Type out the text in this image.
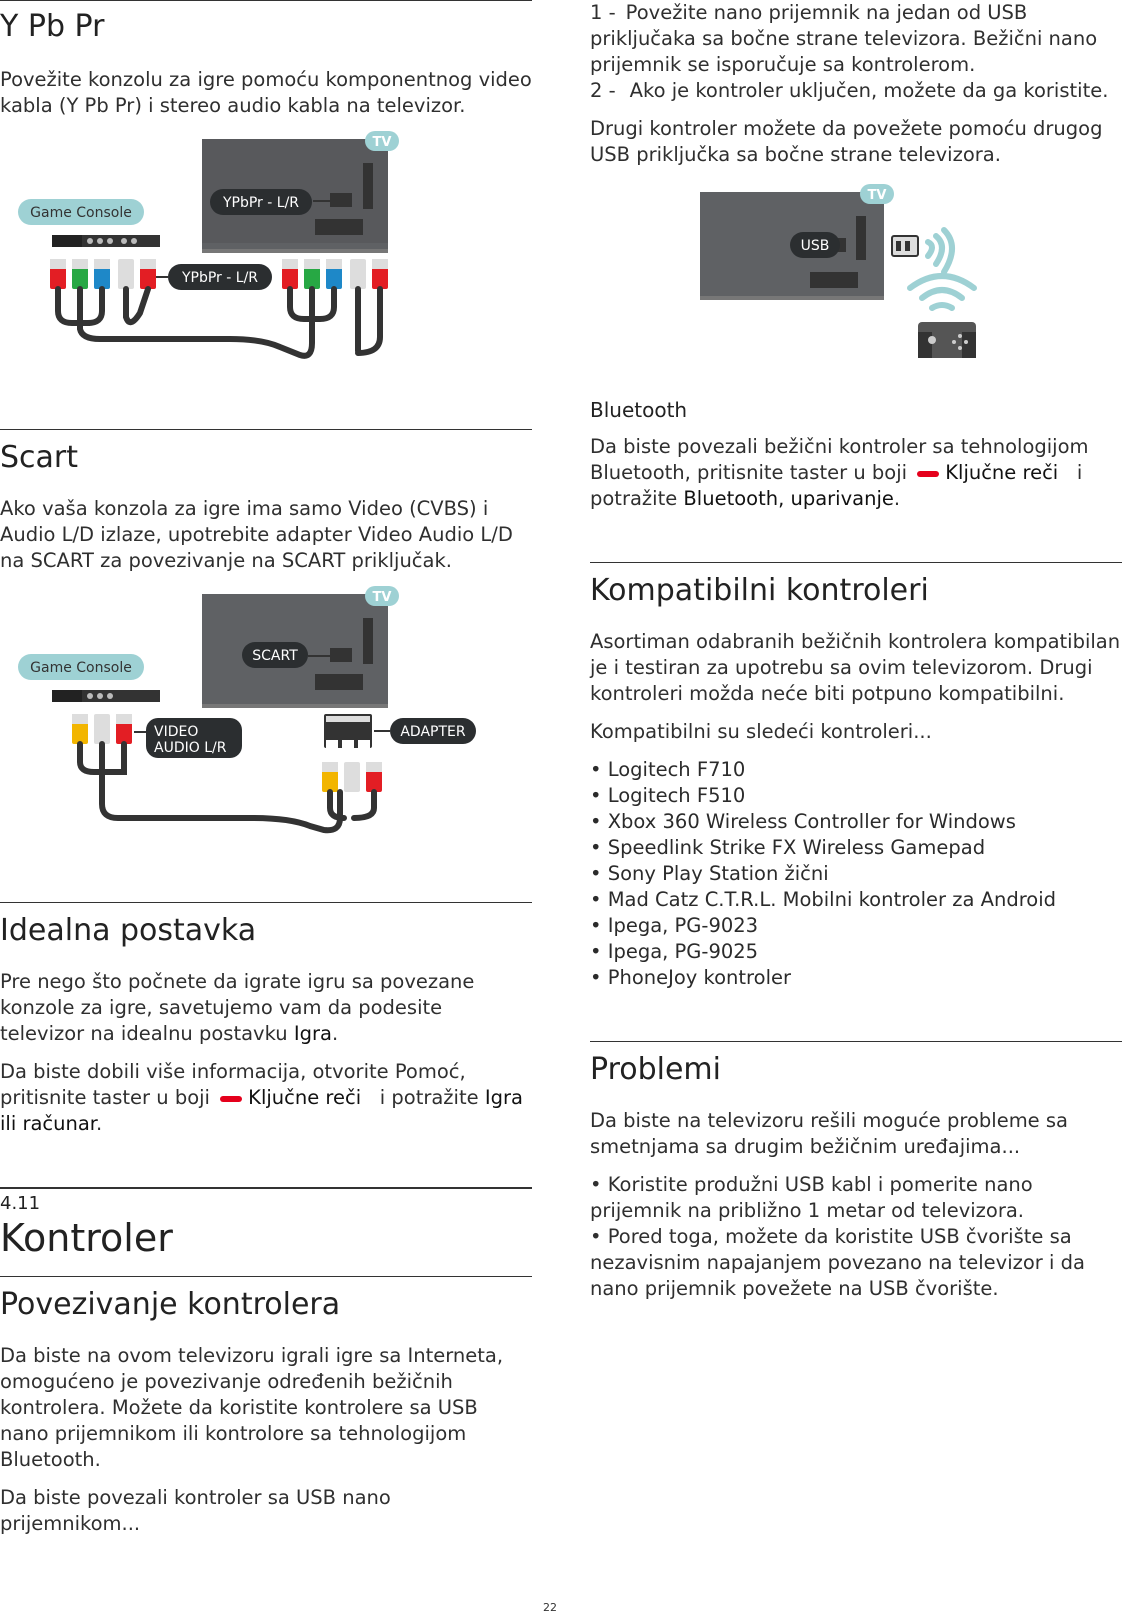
Y Pb Pr

Povežite konzolu za igre pomoću komponentnog video kabla (Y Pb Pr) i stereo audio kabla na televizor.

TV
YPbPr - L/R
Game Console
YPbPr - L/R
Scart

Ako vaša konzola za igre ima samo Video (CVBS) i Audio L/D izlaze, upotrebite adapter Video Audio L/D na SCART za povezivanje na SCART priključak.

TV
SCART
Game Console
VIDEO
AUDIO L/R
ADAPTER
Idealna postavka

Pre nego što počnete da igrate igru sa povezane konzole za igre, savetujemo vam da podesite televizor na idealnu postavku Igra.

Da biste dobili više informacija, otvorite Pomoć, pritisnite taster u boji Ključne reči i potražite Igra ili računar.

4.11
Kontroler
Povezivanje kontrolera

Da biste na ovom televizoru igrali igre sa Interneta, omogućeno je povezivanje određenih bežičnih kontrolera. Možete da koristite kontrolere sa USB nano prijemnikom ili kontrolore sa tehnologijom Bluetooth.

Da biste povezali kontroler sa USB nano prijemnikom...

1 - Povežite nano prijemnik na jedan od USB priključaka sa bočne strane televizora. Bežični nano prijemnik se isporučuje sa kontrolerom.

2 - Ako je kontroler uključen, možete da ga koristite.

Drugi kontroler možete da povežete pomoću drugog USB priključka sa bočne strane televizora.

TV
USB
Bluetooth

Da biste povezali bežični kontroler sa tehnologijom Bluetooth, pritisnite taster u boji Ključne reči i potražite Bluetooth, uparivanje.

Kompatibilni kontroleri

Asortiman odabranih bežičnih kontrolera kompatibilan je i testiran za upotrebu sa ovim televizorom. Drugi kontroleri možda neće biti potpuno kompatibilni.

Kompatibilni su sledeći kontroleri...

• Logitech F710
• Logitech F510
• Xbox 360 Wireless Controller for Windows
• Speedlink Strike FX Wireless Gamepad
• Sony Play Station žični
• Mad Catz C.T.R.L. Mobilni kontroler za Android
• Ipega, PG-9023
• Ipega, PG-9025
• PhoneJoy kontroler
Problemi

Da biste na televizoru rešili moguće probleme sa smetnjama sa drugim bežičnim uređajima...

• Koristite produžni USB kabl i pomerite nano prijemnik na približno 1 metar od televizora.
• Pored toga, možete da koristite USB čvorište sa nezavisnim napajanjem povezano na televizor i da nano prijemnik povežete na USB čvorište.

22
